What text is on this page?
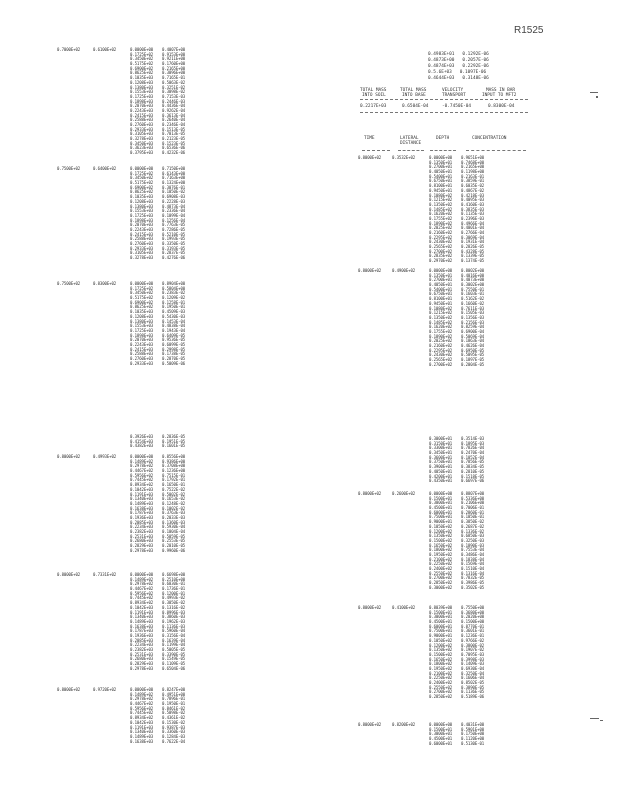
R1525
0.4983E+01 0.1292E-06
0.4873E+00 0.2057E-06
0.4874E+03 0.2292E-06
0.5.6E+03 0.1097E-06
0.4644E+03 0.3148E-06
TOTAL MASS	TOTAL MASS	VELOCITY	MASS IN BAR
INTO SOIL	INTO BASE	TRANSPORT	INPUT TO MFT2
0.2217E+03	0.6504E-04	-0.7450E-04	0.8300E-04
TIME	LATERAL	DEPTH	CONCENTRATION
DISTANCE
0.7000E+02	0.6100E+02	0.0000E+00 0.4007E+00
0.1725E+02 0.9153E+00
0.3450E+02 0.9211E+00
0.5175E+02 0.1760E+00
0.6900E+02 0.2165E+00
0.8625E+02 0.3096E+00
0.1035E+03 0.7165E-01
0.1208E+03 0.5063E-02
0.1380E+03 0.3251E-02
0.1553E+03 0.3098E-02
0.1725E+03 0.7153E-03
0.1898E+03 0.2446E-03
0.2070E+03 0.4436E-04
0.2243E+03 0.9262E-04
0.2415E+03 0.3613E-04
0.2588E+03 0.2640E-04
0.2760E+03 0.2346E-04
0.2933E+03 0.1513E-05
0.3105E+03 0.7013E-05
0.3278E+03 0.2123E-05
0.3450E+03 0.1523E-05
0.3623E+03 0.6536E-06
0.3795E+03 0.4232E-06
0.7500E+02	0.6400E+02	0.0000E+00 0.7150E+00
0.1725E+02 0.6143E+00
0.3450E+02 0.7163E+00
0.5175E+02 0.1324E+00
0.6900E+02 0.3076E-01
0.8625E+02 0.1050E-02
0.1035E+03 0.6908E-03
0.1208E+03 0.2228E-03
0.1380E+03 0.4873E-04
0.1553E+03 0.2336E-04
0.1725E+03 0.1099E-04
0.1898E+03 0.1256E-04
0.2070E+03 0.7763E-05
0.2243E+03 0.7286E-05
0.2415E+03 0.5210E-05
0.2588E+03 0.1993E-05
0.2760E+03 0.3350E-05
0.2933E+03 0.3193E-05
0.3105E+03 0.2837E-05
0.3278E+03 0.4276E-06
0.7500E+02	0.8300E+02	0.0000E+00 0.8904E+00
0.1725E+02 0.5804E+00
0.3450E+02 0.2383E-02
0.5175E+02 0.1209E-02
0.6900E+02 0.1258E-01
0.8625E+02 0.1950E-01
0.1035E+03 0.4509E-03
0.1208E+03 0.5430E-03
0.1380E+03 0.1453E-04
0.1553E+03 0.4838E-04
0.1725E+03 0.1943E-04
0.1898E+03 0.6409E-05
0.2070E+03 0.9536E-05
0.2243E+03 0.6099E-05
0.2415E+03 0.2998E-05
0.2588E+03 0.1738E-05
0.2760E+03 0.2870E-05
0.2933E+03 0.5009E-06
0.8000E+02	0.3532E+02	0.0000E+00 0.9651E+00
0.1350E+01 0.7468E+00
0.2700E+01 0.2165E+00
0.4050E+01 0.1198E+00
0.5400E+01 0.2163E-01
0.6750E+01 0.3859E-01
0.8100E+01 0.6035E-02
0.9450E+01 0.4867E-02
0.1080E+02 0.4218E-03
0.1215E+02 0.4095E-03
0.1350E+02 0.4160E-03
0.1485E+02 0.3835E-03
0.1620E+02 0.1135E-03
0.1755E+02 0.2396E-03
0.1890E+02 0.4966E-04
0.2025E+02 0.4001E-04
0.2160E+02 0.2766E-04
0.2295E+02 0.3069E-04
0.2430E+02 0.1931E-04
0.2565E+02 0.2826E-05
0.2700E+02 0.4328E-05
0.2835E+02 0.1339E-05
0.2970E+02 0.1374E-05
0.8000E+02	0.4900E+02	0.0000E+00 0.8002E+00
0.1350E+01 0.4016E+00
0.2700E+01 0.4073E+00
0.4050E+01 0.3002E+00
0.5400E+01 0.7550E-01
0.6750E+01 0.1603E-01
0.8100E+01 0.5162E-02
0.9450E+01 0.1660E-02
0.1080E+02 0.7611E-03
0.1215E+02 0.1505E-03
0.1350E+02 0.1356E-03
0.1485E+02 0.2156E-03
0.1620E+02 0.8259E-04
0.1755E+02 0.6900E-04
0.1890E+02 0.5069E-04
0.2025E+02 0.1863E-04
0.2160E+02 0.4626E-04
0.2295E+02 0.6950E-05
0.2430E+02 0.5095E-05
0.2565E+02 0.1897E-05
0.2700E+02 0.2004E-05
0.3926E+03 0.2836E-05
0.4154E+03 0.1951E-05
0.4382E+03 0.1601E-05
0.8000E+02	0.4993E+02	0.0000E+00 0.8556E+00
0.1489E+02 0.9386E+00
0.2978E+02 0.3708E+00
0.4467E+02 0.1236E+00
0.5956E+02 0.7515E-01
0.7445E+02 0.1792E-01
0.8934E+02 0.1650E-01
0.1042E+03 0.7522E-02
0.1191E+03 0.5002E-02
0.1340E+03 0.1653E-02
0.1489E+03 0.1248E-02
0.1638E+03 0.1002E-02
0.1787E+03 0.3763E-03
0.1936E+03 0.2033E-03
0.2085E+03 0.1360E-03
0.2234E+03 0.5930E-04
0.2382E+03 0.1004E-04
0.2531E+03 0.5059E-05
0.2680E+03 0.2553E-05
0.2829E+03 0.2010E-05
0.2978E+03 0.9960E-06
0.8000E+02	0.7331E+02	0.0000E+00 0.6698E+00
0.1489E+02 0.2510E+00
0.2978E+02 0.6030E-01
0.4467E+02 0.1736E-01
0.5956E+02 0.1200E-01
0.7445E+02 0.4993E-02
0.8934E+02 0.3050E-02
0.1042E+03 0.1316E-02
0.1191E+03 0.8996E-03
0.1340E+03 0.3860E-03
0.1489E+03 0.1962E-03
0.1638E+03 0.1136E-03
0.1787E+03 0.5960E-04
0.1936E+03 0.3156E-04
0.2085E+03 0.1639E-04
0.2234E+03 0.1199E-04
0.2382E+03 0.5005E-05
0.2531E+03 0.3390E-05
0.2680E+03 0.1549E-05
0.2829E+03 0.1109E-05
0.2978E+03 0.6504E-06
0.8000E+02	0.9720E+02	0.0000E+00 0.8247E+00
0.1489E+02 0.4951E+00
0.2978E+02 0.7896E-01
0.4467E+02 0.1950E-01
0.5956E+02 0.8461E-02
0.7445E+02 0.5098E-02
0.8934E+02 0.4361E-02
0.1042E+03 0.1530E-02
0.1191E+03 0.9387E-03
0.1340E+03 0.3360E-03
0.1489E+03 0.1284E-03
0.1638E+03 0.7622E-04
0.3000E+01 0.3514E-03
0.3150E+01 0.1895E-03
0.3300E+01 0.7826E-04
0.3450E+01 0.2470E-04
0.3600E+01 0.1052E-04
0.3750E+01 0.7856E-05
0.3900E+01 0.3834E-05
0.4050E+01 0.2810E-05
0.4200E+01 0.1518E-05
0.4350E+01 0.6697E-06
0.8000E+02	0.2600E+02	0.0000E+00 0.8807E+00
0.1500E+01 0.5336E+00
0.3000E+01 0.2106E+00
0.4500E+01 0.7006E-01
0.6000E+01 0.2860E-01
0.7500E+01 0.1050E-01
0.9000E+01 0.3850E-02
0.1050E+02 0.2687E-02
0.1200E+02 0.1336E-02
0.1350E+02 0.6850E-03
0.1500E+02 0.3250E-03
0.1650E+02 0.1890E-03
0.1800E+02 0.7553E-04
0.1950E+02 0.3486E-04
0.2100E+02 0.1838E-04
0.2250E+02 0.1569E-04
0.2400E+02 0.1510E-04
0.2550E+02 0.1316E-04
0.2700E+02 0.7832E-05
0.2850E+02 0.3986E-05
0.3000E+02 0.3502E-05
0.8000E+02	0.4100E+02	0.8039E+00 0.7550E+00
0.1500E+01 0.3680E+00
0.3000E+01 0.2020E+00
0.4500E+01 0.1500E+00
0.6000E+01 0.8770E-01
0.7500E+01 0.3601E-01
0.9000E+01 0.1236E-01
0.1050E+02 0.9766E-02
0.1200E+02 0.3800E-02
0.1350E+02 0.1907E-02
0.1500E+02 0.7095E-03
0.1650E+02 0.3998E-03
0.1800E+02 0.1409E-03
0.1950E+02 0.6930E-04
0.2100E+02 0.3250E-04
0.2250E+02 0.1606E-04
0.2400E+02 0.8502E-05
0.2550E+02 0.3890E-05
0.2700E+02 0.1136E-05
0.2850E+02 0.5189E-06
0.8000E+02	0.8200E+02	0.0000E+00 0.4031E+00
0.1500E+01 0.5901E+00
0.3000E+01 0.1750E+00
0.4500E+01 0.1120E+00
0.6000E+01 0.5130E-01
